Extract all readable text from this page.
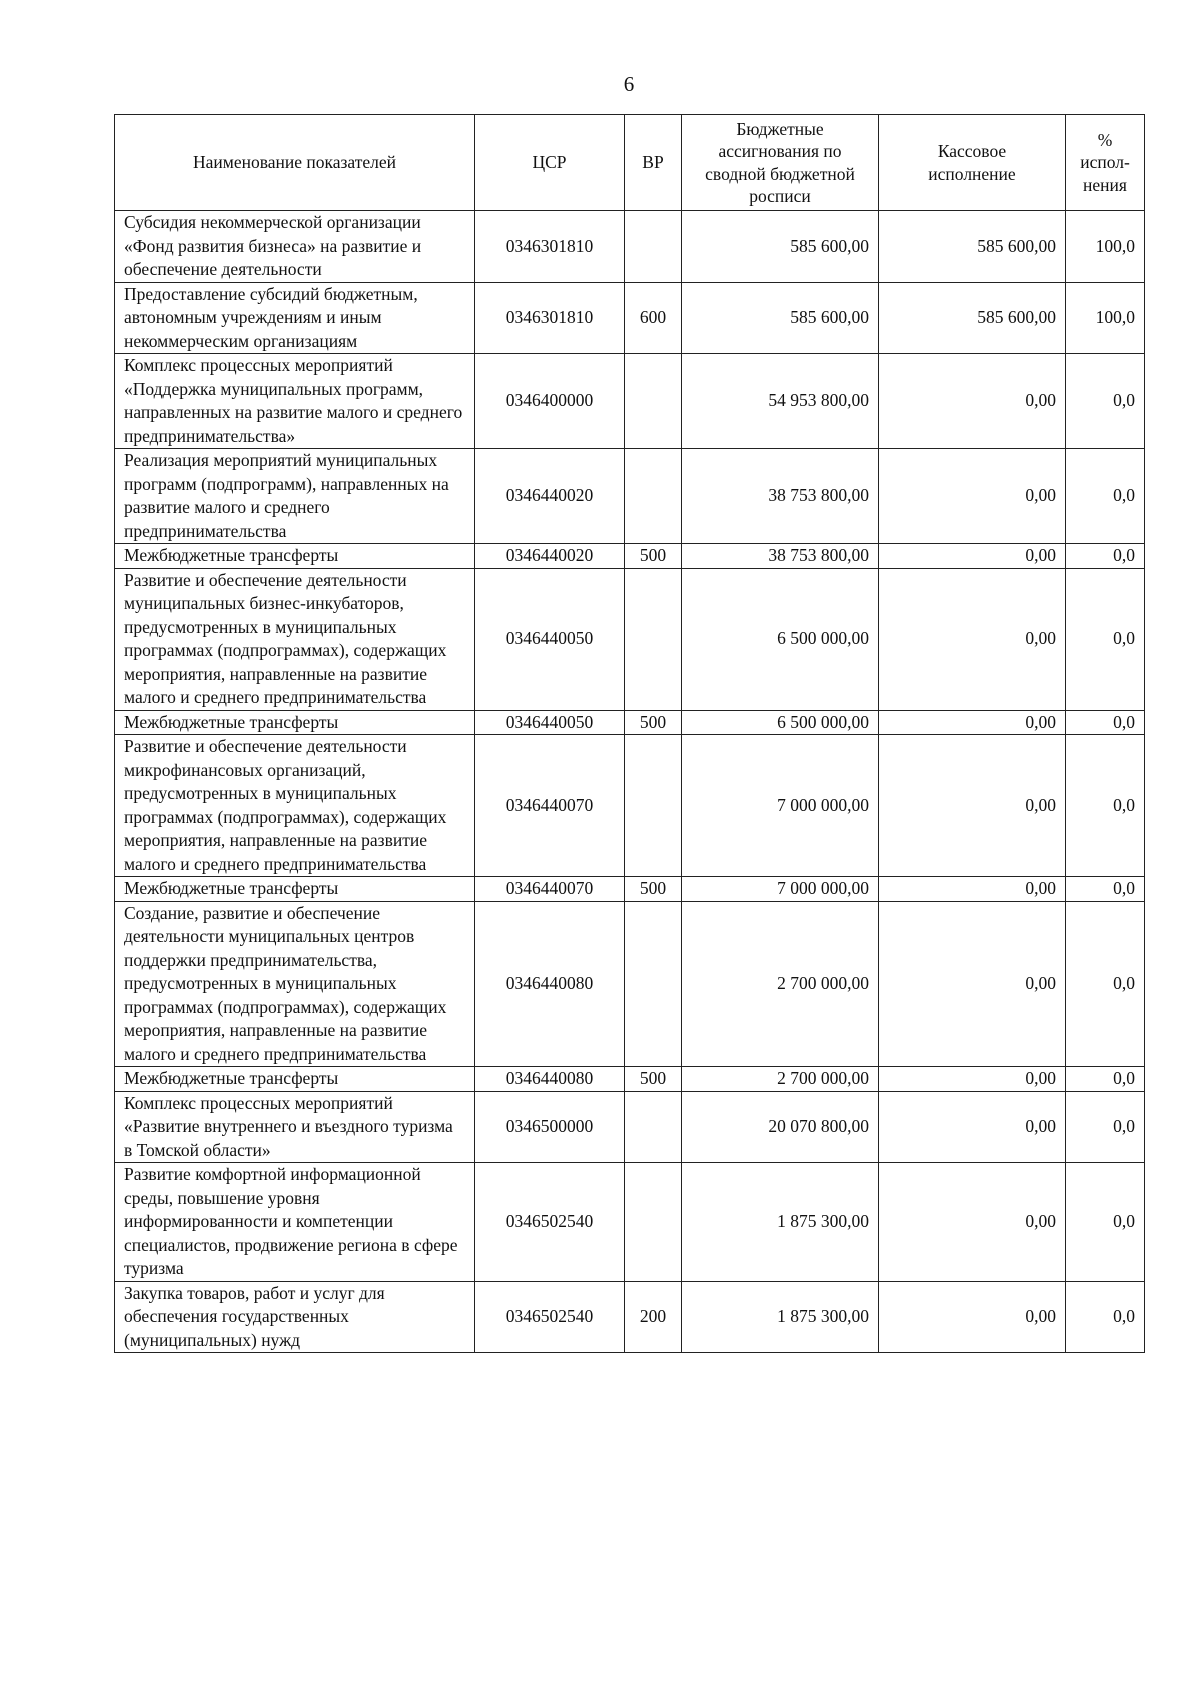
6
Наименование показателей	ЦСР	ВР	Бюджетные ассигнования по сводной бюджетной росписи	Кассовое исполнение	% испол-нения
Субсидия некоммерческой организации «Фонд развития бизнеса» на развитие и обеспечение деятельности	0346301810		585 600,00	585 600,00	100,0
Предоставление субсидий бюджетным, автономным учреждениям и иным некоммерческим организациям	0346301810	600	585 600,00	585 600,00	100,0
Комплекс процессных мероприятий «Поддержка муниципальных программ, направленных на развитие малого и среднего предпринимательства»	0346400000		54 953 800,00	0,00	0,0
Реализация мероприятий муниципальных программ (подпрограмм), направленных на развитие малого и среднего предпринимательства	0346440020		38 753 800,00	0,00	0,0
Межбюджетные трансферты	0346440020	500	38 753 800,00	0,00	0,0
Развитие и обеспечение деятельности муниципальных бизнес-инкубаторов, предусмотренных в муниципальных программах (подпрограммах), содержащих мероприятия, направленные на развитие малого и среднего предпринимательства	0346440050		6 500 000,00	0,00	0,0
Межбюджетные трансферты	0346440050	500	6 500 000,00	0,00	0,0
Развитие и обеспечение деятельности микрофинансовых организаций, предусмотренных в муниципальных программах (подпрограммах), содержащих мероприятия, направленные на развитие малого и среднего предпринимательства	0346440070		7 000 000,00	0,00	0,0
Межбюджетные трансферты	0346440070	500	7 000 000,00	0,00	0,0
Создание, развитие и обеспечение деятельности муниципальных центров поддержки предпринимательства, предусмотренных в муниципальных программах (подпрограммах), содержащих мероприятия, направленные на развитие малого и среднего предпринимательства	0346440080		2 700 000,00	0,00	0,0
Межбюджетные трансферты	0346440080	500	2 700 000,00	0,00	0,0
Комплекс процессных мероприятий «Развитие внутреннего и въездного туризма в Томской области»	0346500000		20 070 800,00	0,00	0,0
Развитие комфортной информационной среды, повышение уровня информированности и компетенции специалистов, продвижение региона в сфере туризма	0346502540		1 875 300,00	0,00	0,0
Закупка товаров, работ и услуг для обеспечения государственных (муниципальных) нужд	0346502540	200	1 875 300,00	0,00	0,0
